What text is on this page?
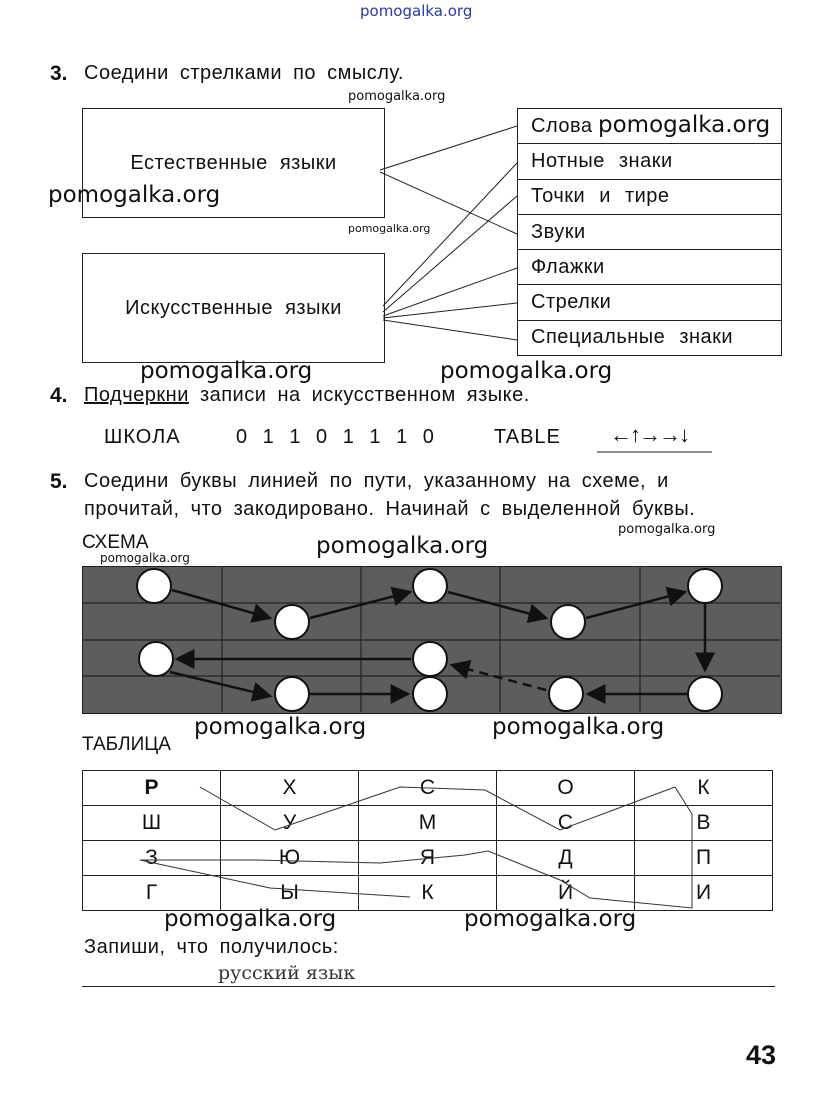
pomogalka.org
3. Соедини стрелками по смыслу.
Естественные языки
Искусственные языки
Слова
Нотные знаки
Точки и тире
Звуки
Флажки
Стрелки
Специальные знаки
pomogalka.org
pomogalka.org
pomogalka.org
pomogalka.org
pomogalka.org	pomogalka.org
4. Подчеркни записи на искусственном языке.
ШКОЛА	0 1 1 0 1 1 1 0	TABLE ←↑→→↓
5. Соедини буквы линией по пути, указанному на схеме, и
прочитай, что закодировано. Начинай с выделенной буквы.
СХЕМА
pomogalka.org	pomogalka.org
pomogalka.org
ТАБЛИЦА
pomogalka.org	pomogalka.org
Р	Х	С	О	К
Ш	У	М	С	В
З	Ю	Я	Д	П
Г	Ы	К	Й	И
pomogalka.org	pomogalka.org
Запиши, что получилось:
русский язык
43
